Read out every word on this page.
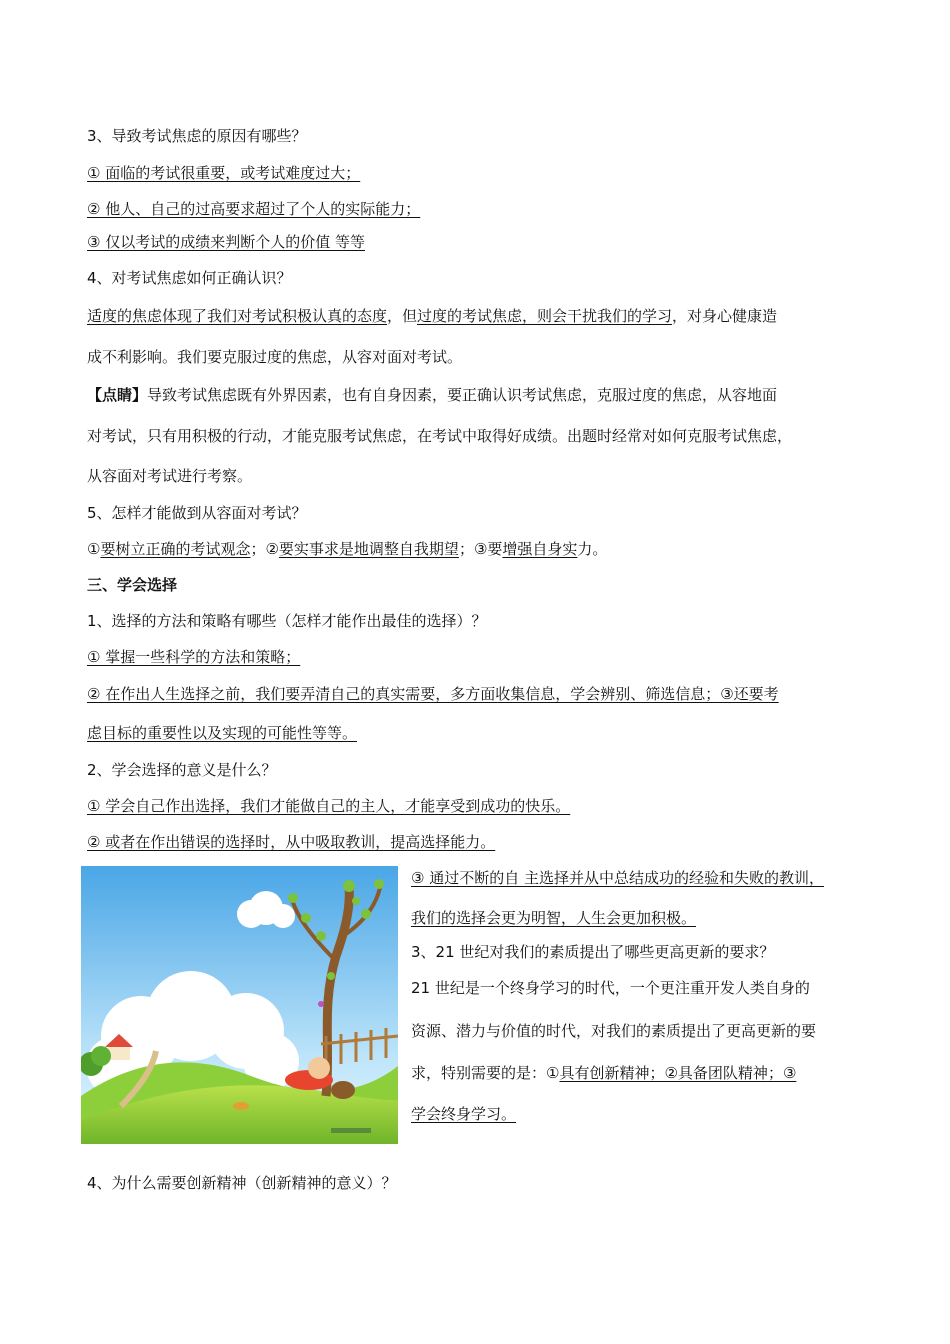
3、导致考试焦虑的原因有哪些？
① 面临的考试很重要，或考试难度过大；
② 他人、自己的过高要求超过了个人的实际能力；
③ 仅以考试的成绩来判断个人的价值 等等
4、对考试焦虑如何正确认识？
适度的焦虑体现了我们对考试积极认真的态度，但过度的考试焦虑，则会干扰我们的学习，对身心健康造
成不利影响。我们要克服过度的焦虑，从容对面对考试。
【点睛】导致考试焦虑既有外界因素，也有自身因素，要正确认识考试焦虑，克服过度的焦虑，从容地面
对考试，只有用积极的行动，才能克服考试焦虑，在考试中取得好成绩。出题时经常对如何克服考试焦虑，
从容面对考试进行考察。
5、怎样才能做到从容面对考试？
①要树立正确的考试观念；②要实事求是地调整自我期望；③要增强自身实力。
三、学会选择
1、选择的方法和策略有哪些（怎样才能作出最佳的选择）？
① 掌握一些科学的方法和策略；
② 在作出人生选择之前，我们要弄清自己的真实需要，多方面收集信息，学会辨别、筛选信息；③还要考
虑目标的重要性以及实现的可能性等等。
2、学会选择的意义是什么？
① 学会自己作出选择，我们才能做自己的主人，才能享受到成功的快乐。
② 或者在作出错误的选择时，从中吸取教训，提高选择能力。
③ 通过不断的自 主选择并从中总结成功的经验和失败的教训，
我们的选择会更为明智，人生会更加积极。
3、21 世纪对我们的素质提出了哪些更高更新的要求？
21 世纪是一个终身学习的时代，一个更注重开发人类自身的
资源、潜力与价值的时代，对我们的素质提出了更高更新的要
求，特别需要的是：①具有创新精神；②具备团队精神；③
学会终身学习。
4、为什么需要创新精神（创新精神的意义）？
